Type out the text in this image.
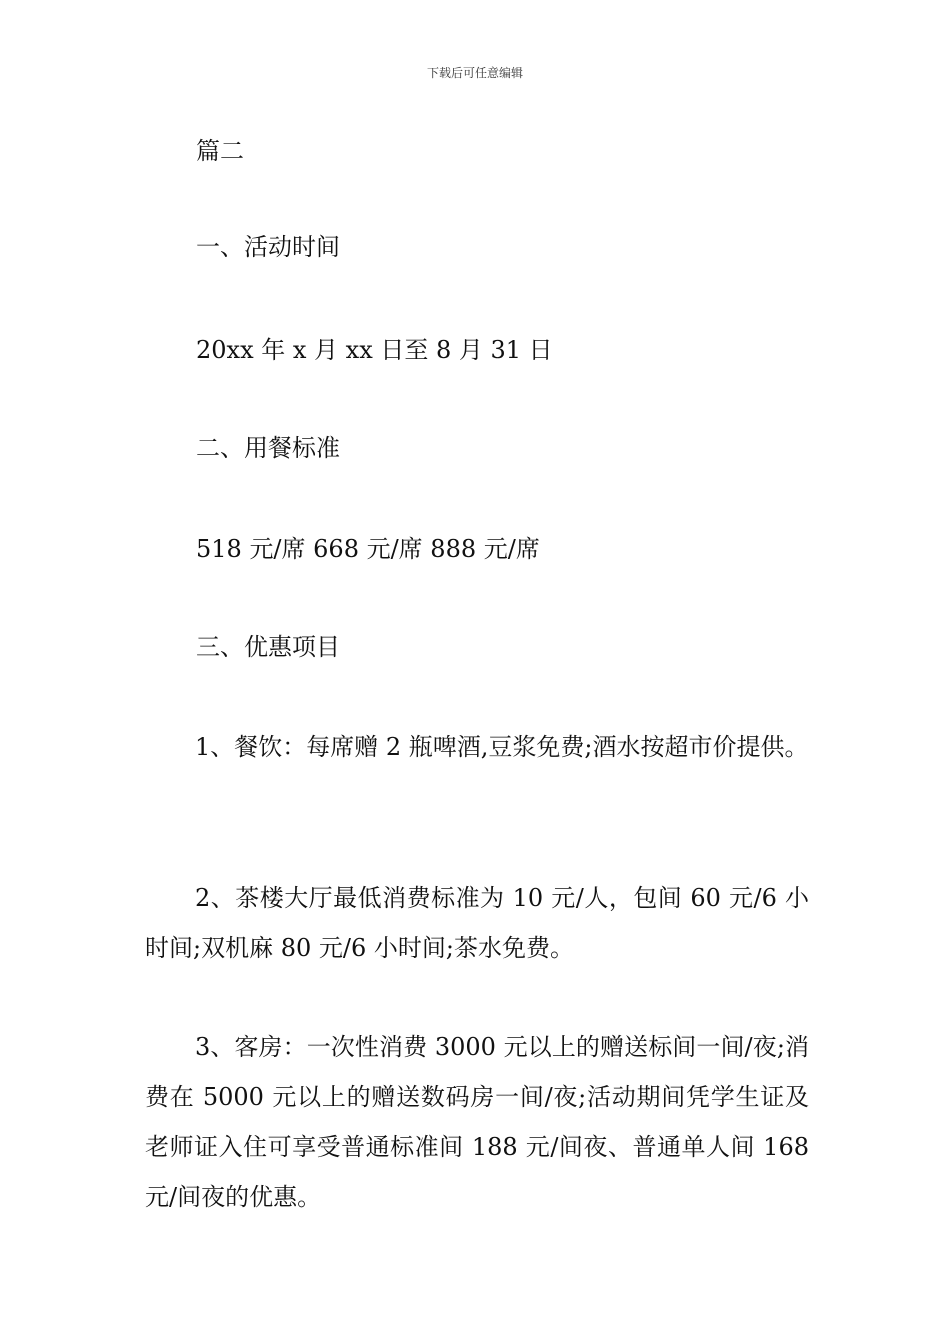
下载后可任意编辑
篇二
一、活动时间
20xx 年 x 月 xx 日至 8 月 31 日
二、用餐标准
518 元/席 668 元/席 888 元/席
三、优惠项目
1、餐饮：每席赠 2 瓶啤酒,豆浆免费;酒水按超市价提供。
2、茶楼大厅最低消费标准为 10 元/人，包间 60 元/6 小时间;双机麻 80 元/6 小时间;茶水免费。
3、客房：一次性消费 3000 元以上的赠送标间一间/夜;消费在 5000 元以上的赠送数码房一间/夜;活动期间凭学生证及老师证入住可享受普通标准间 188 元/间夜、普通单人间 168 元/间夜的优惠。
